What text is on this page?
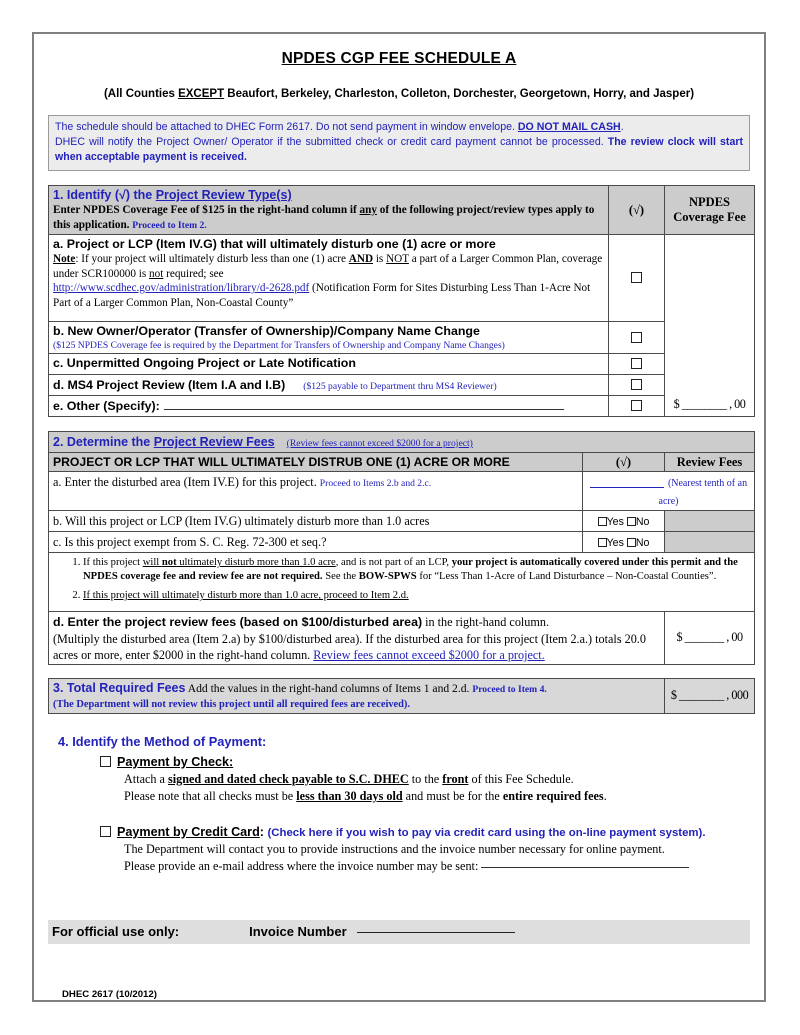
NPDES CGP FEE SCHEDULE A
(All Counties EXCEPT Beaufort, Berkeley, Charleston, Colleton, Dorchester, Georgetown, Horry, and Jasper)
The schedule should be attached to DHEC Form 2617. Do not send payment in window envelope. DO NOT MAIL CASH.
DHEC will notify the Project Owner/ Operator if the submitted check or credit card payment cannot be processed. The review clock will start when acceptable payment is received.
1. Identify (√) the Project Review Type(s)
Enter NPDES Coverage Fee of $125 in the right-hand column if any of the following project/review types apply to this application. Proceed to Item 2.
	(√)	NPDES
Coverage Fee

a. Project or LCP (Item IV.G) that will ultimately disturb one (1) acre or more
Note: If your project will ultimately disturb less than one (1) acre AND is NOT a part of a Larger Common Plan, coverage under SCR100000 is not required; see
http://www.scdhec.gov/administration/library/d-2628.pdf (Notification Form for Sites Disturbing Less Than 1-Acre Not Part of a Larger Common Plan, Non-Coastal County”		$ ________ , 00

b. New Owner/Operator (Transfer of Ownership)/Company Name Change
($125 NPDES Coverage fee is required by the Department for Transfers of Ownership and Company Name Changes)		

c. Unpermitted Ongoing Project or Late Notification		

d. MS4 Project Review (Item I.A and I.B) ($125 payable to Department thru MS4 Reviewer)		
e. Other (Specify):		
2. Determine the Project Review Fees (Review fees cannot exceed $2000 for a project)		

PROJECT OR LCP THAT WILL ULTIMATELY DISTRUB ONE (1) ACRE OR MORE	(√)	Review Fees
a. Enter the disturbed area (Item IV.E) for this project. Proceed to Items 2.b and 2.c.	(Nearest tenth of an acre)	
b. Will this project or LCP (Item IV.G) ultimately disturb more than 1.0 acres	Yes No	
c. Is this project exempt from S. C. Reg. 72-300 et seq.?	Yes No	

1. If this project will not ultimately disturb more than 1.0 acre, and is not part of an LCP, your project is automatically covered under this permit and the NPDES coverage fee and review fee are not required. See the BOW-SPWS for “Less Than 1-Acre of Land Disturbance – Non-Coastal Counties”.
2. If this project will ultimately disturb more than 1.0 acre, proceed to Item 2.d.

d. Enter the project review fees (based on $100/disturbed area) in the right-hand column.
(Multiply the disturbed area (Item 2.a) by $100/disturbed area). If the disturbed area for this project (Item 2.a.) totals 20.0 acres or more, enter $2000 in the right-hand column. Review fees cannot exceed $2000 for a project.		$ _______ , 00
3. Total Required Fees Add the values in the right-hand columns of Items 1 and 2.d. Proceed to Item 4.
(The Department will not review this project until all required fees are received).
	$ ________ , 000
4. Identify the Method of Payment:
Payment by Check:
Attach a signed and dated check payable to S.C. DHEC to the front of this Fee Schedule.
Please note that all checks must be less than 30 days old and must be for the entire required fees.
Payment by Credit Card: (Check here if you wish to pay via credit card using the on-line payment system).
The Department will contact you to provide instructions and the invoice number necessary for online payment.
Please provide an e-mail address where the invoice number may be sent:
For official use only:	Invoice Number
DHEC 2617 (10/2012)
